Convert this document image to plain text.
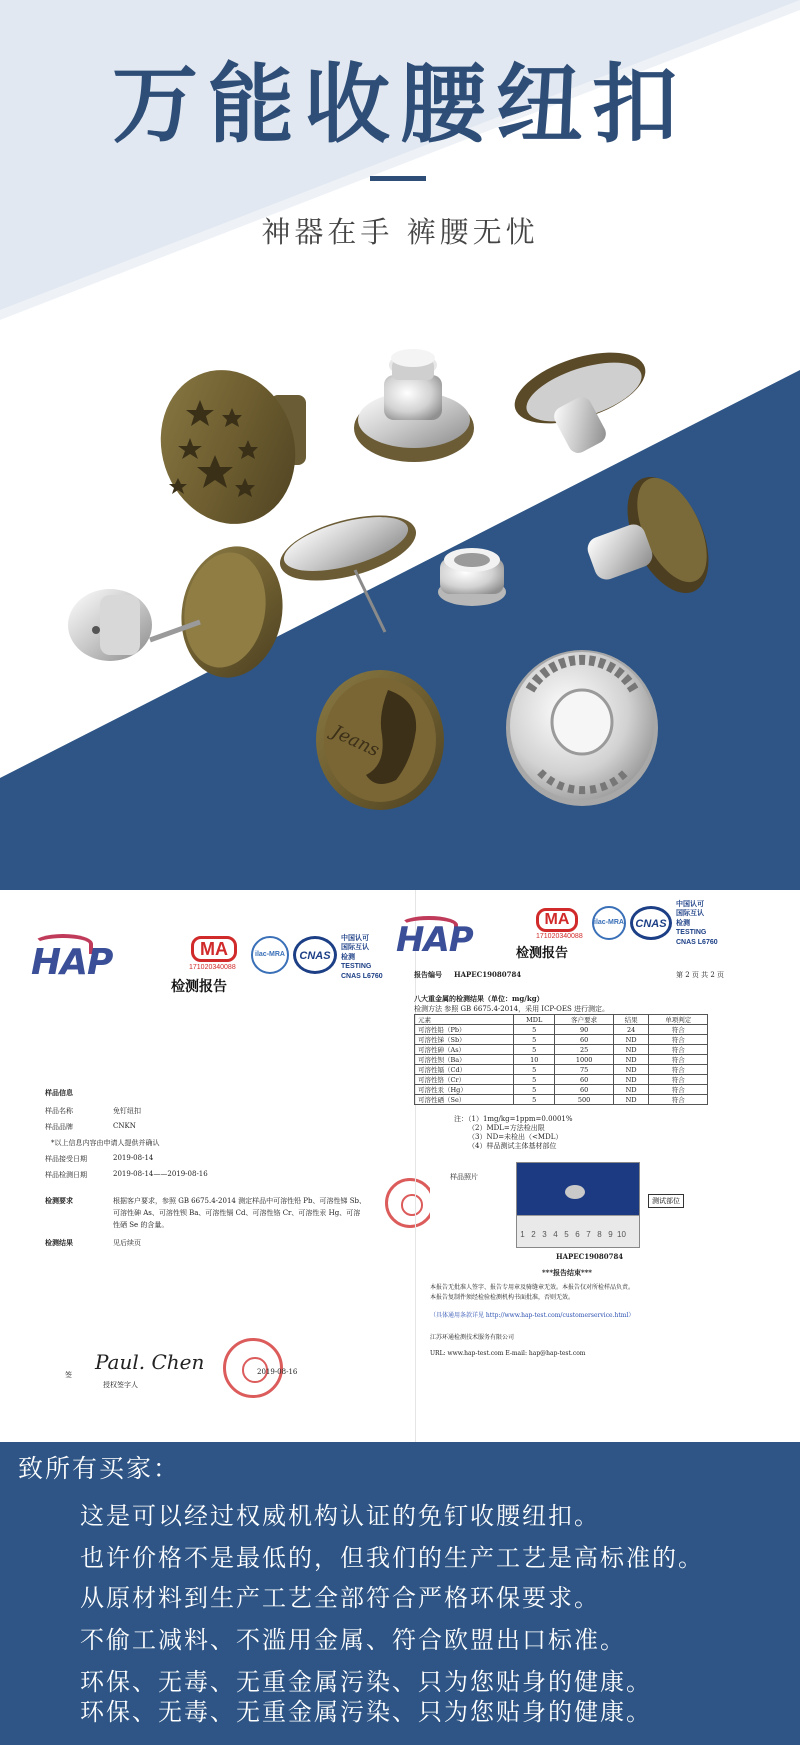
Jeans
万能收腰纽扣
神器在手 裤腰无忧
HAP	MA
171020340088
ilac-MRA	CNAS
中国认可
国际互认
检测
TESTING
CNAS L6760
检测报告
样品信息
样品名称	免钉纽扣
样品品牌	CNKN
*以上信息内容由申请人提供并确认
样品接受日期	2019-08-14
样品检测日期	2019-08-14——2019-08-16
检测要求	根据客户要求，参照 GB 6675.4-2014 测定样品中可溶性铅 Pb、可溶性锑 Sb、
可溶性砷 As、可溶性钡 Ba、可溶性镉 Cd、可溶性铬 Cr、可溶性汞 Hg、可溶
性硒 Se 的含量。
检测结果	见后续页
签
Paul. Chen
授权签字人
2019-08-16
HAP
MA
171020340088
ilac-MRA	CNAS
中国认可
国际互认
检测
TESTING
CNAS L6760
检测报告
报告编号 HAPEC19080784	第 2 页 共 2 页
八大重金属的检测结果（单位：mg/kg）
检测方法 参照 GB 6675.4-2014，采用 ICP-OES 进行测定。
元素	MDL	客户要求	结果	单项判定
可溶性铅（Pb）	5	90	24	符合
可溶性锑（Sb）	5	60	ND	符合
可溶性砷（As）	5	25	ND	符合
可溶性钡（Ba）	10	1000	ND	符合
可溶性镉（Cd）	5	75	ND	符合
可溶性铬（Cr）	5	60	ND	符合
可溶性汞（Hg）	5	60	ND	符合
可溶性硒（Se）	5	500	ND	符合
注：（1）1mg/kg=1ppm=0.0001%
（2）MDL=方法检出限
（3）ND=未检出（<MDL）
（4）样品测试主体基材部位
样品照片
1 2 3 4 5 6 7 8 9 10
测试部位
HAPEC19080784
***报告结束***
本报告无批准人签字、报告专用章及骑缝章无效。本报告仅对所检样品负责。
本报告复制件须经检验检测机构书面批准，否则无效。
（具体通用条款详见 http://www.hap-test.com/customerservice.html）
江苏环通检测技术服务有限公司
URL: www.hap-test.com E-mail: hap@hap-test.com
致所有买家：
这是可以经过权威机构认证的免钉收腰纽扣。
也许价格不是最低的，但我们的生产工艺是高标准的。
从原材料到生产工艺全部符合严格环保要求。
不偷工减料、不滥用金属、符合欧盟出口标准。
环保、无毒、无重金属污染、只为您贴身的健康。
环保、无毒、无重金属污染、只为您贴身的健康。
